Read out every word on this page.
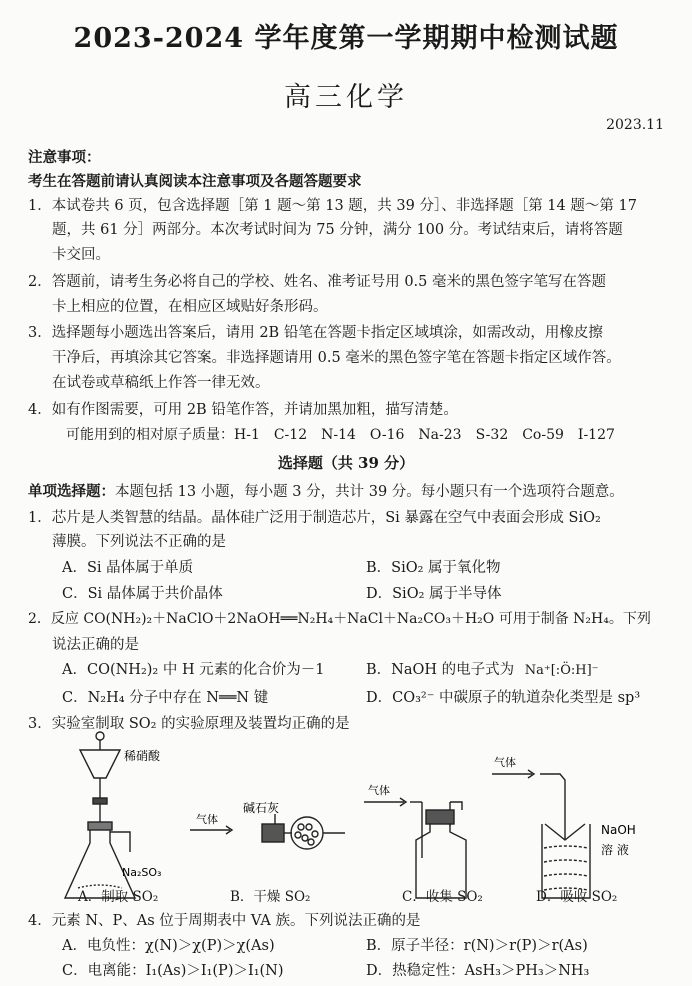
2023-2024 学年度第一学期期中检测试题
高三化学
2023.11
注意事项：
考生在答题前请认真阅读本注意事项及各题答题要求
1．本试卷共 6 页，包含选择题［第 1 题～第 13 题，共 39 分］、非选择题［第 14 题～第 17
题，共 61 分］两部分。本次考试时间为 75 分钟，满分 100 分。考试结束后，请将答题
卡交回。
2．答题前，请考生务必将自己的学校、姓名、准考证号用 0.5 毫米的黑色签字笔写在答题
卡上相应的位置，在相应区域贴好条形码。
3．选择题每小题选出答案后，请用 2B 铅笔在答题卡指定区域填涂，如需改动，用橡皮擦
干净后，再填涂其它答案。非选择题请用 0.5 毫米的黑色签字笔在答题卡指定区域作答。
在试卷或草稿纸上作答一律无效。
4．如有作图需要，可用 2B 铅笔作答，并请加黑加粗，描写清楚。
可能用到的相对原子质量：H-1　C-12　N-14　O-16　Na-23　S-32　Co-59　I-127
选择题（共 39 分）
单项选择题：本题包括 13 小题，每小题 3 分，共计 39 分。每小题只有一个选项符合题意。
1．芯片是人类智慧的结晶。晶体硅广泛用于制造芯片，Si 暴露在空气中表面会形成 SiO₂
薄膜。下列说法不正确的是
A．Si 晶体属于单质	B．SiO₂ 属于氧化物
C．Si 晶体属于共价晶体	D．SiO₂ 属于半导体
2．反应 CO(NH₂)₂＋NaClO＋2NaOH══N₂H₄＋NaCl＋Na₂CO₃＋H₂O 可用于制备 N₂H₄。下列
说法正确的是
A．CO(NH₂)₂ 中 H 元素的化合价为－1	B．NaOH 的电子式为 Na⁺[:Ö:H]⁻
C．N₂H₄ 分子中存在 N══N 键	D．CO₃²⁻ 中碳原子的轨道杂化类型是 sp³
3．实验室制取 SO₂ 的实验原理及装置均正确的是
稀硝酸
Na₂SO₃
气体
碱石灰
气体
气体
NaOH
溶 液
A．制取 SO₂	B．干燥 SO₂	C．收集 SO₂	D．吸收 SO₂
4．元素 N、P、As 位于周期表中 VA 族。下列说法正确的是
A．电负性：χ(N)＞χ(P)＞χ(As)	B．原子半径：r(N)＞r(P)＞r(As)
C．电离能：I₁(As)＞I₁(P)＞I₁(N)	D．热稳定性：AsH₃＞PH₃＞NH₃
